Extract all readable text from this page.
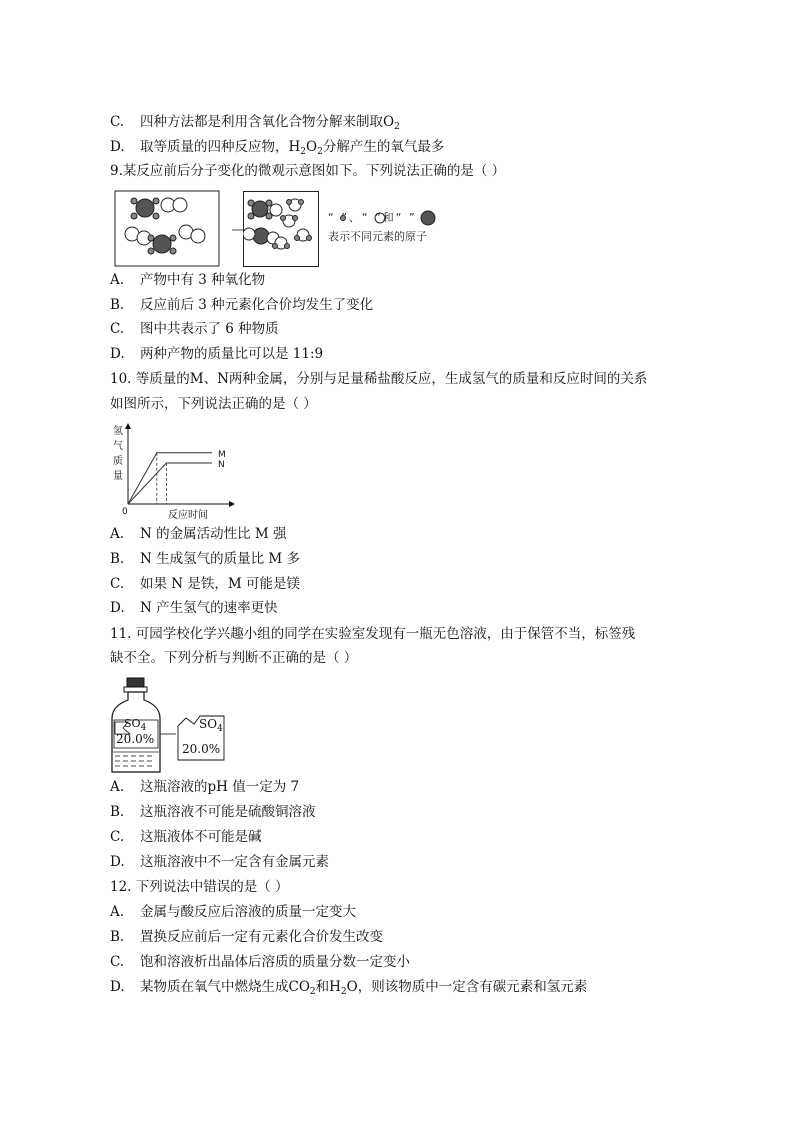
C. 四种方法都是利用含氧化合物分解来制取$O_2$
D. 取等质量的四种反应物，$H_2O_2$分解产生的氧气最多
9.某反应前后分子变化的微观示意图如下。下列说法正确的是（ ）
“ ”、“ ”和“ ”
表示不同元素的原子
A. 产物中有 3 种氧化物
B. 反应前后 3 种元素化合价均发生了变化
C. 图中共表示了 6 种物质
D. 两种产物的质量比可以是 11:9
10. 等质量的M、N两种金属，分别与足量稀盐酸反应，生成氢气的质量和反应时间的关系
如图所示，下列说法正确的是（ ）
氢
气
质
量
0	反应时间
M
N
A. N 的金属活动性比 M 强
B. N 生成氢气的质量比 M 多
C. 如果 N 是铁，M 可能是镁
D. N 产生氢气的速率更快
11. 可园学校化学兴趣小组的同学在实验室发现有一瓶无色溶液，由于保管不当，标签残
缺不全。下列分析与判断不正确的是（ ）
$SO_4$
20.0%
$SO_4$
20.0%
A. 这瓶溶液的pH 值一定为 7
B. 这瓶溶液不可能是硫酸铜溶液
C. 这瓶液体不可能是碱
D. 这瓶溶液中不一定含有金属元素
12. 下列说法中错误的是（ ）
A. 金属与酸反应后溶液的质量一定变大
B. 置换反应前后一定有元素化合价发生改变
C. 饱和溶液析出晶体后溶质的质量分数一定变小
D. 某物质在氧气中燃烧生成$CO_2$和$H_2O$，则该物质中一定含有碳元素和氢元素
